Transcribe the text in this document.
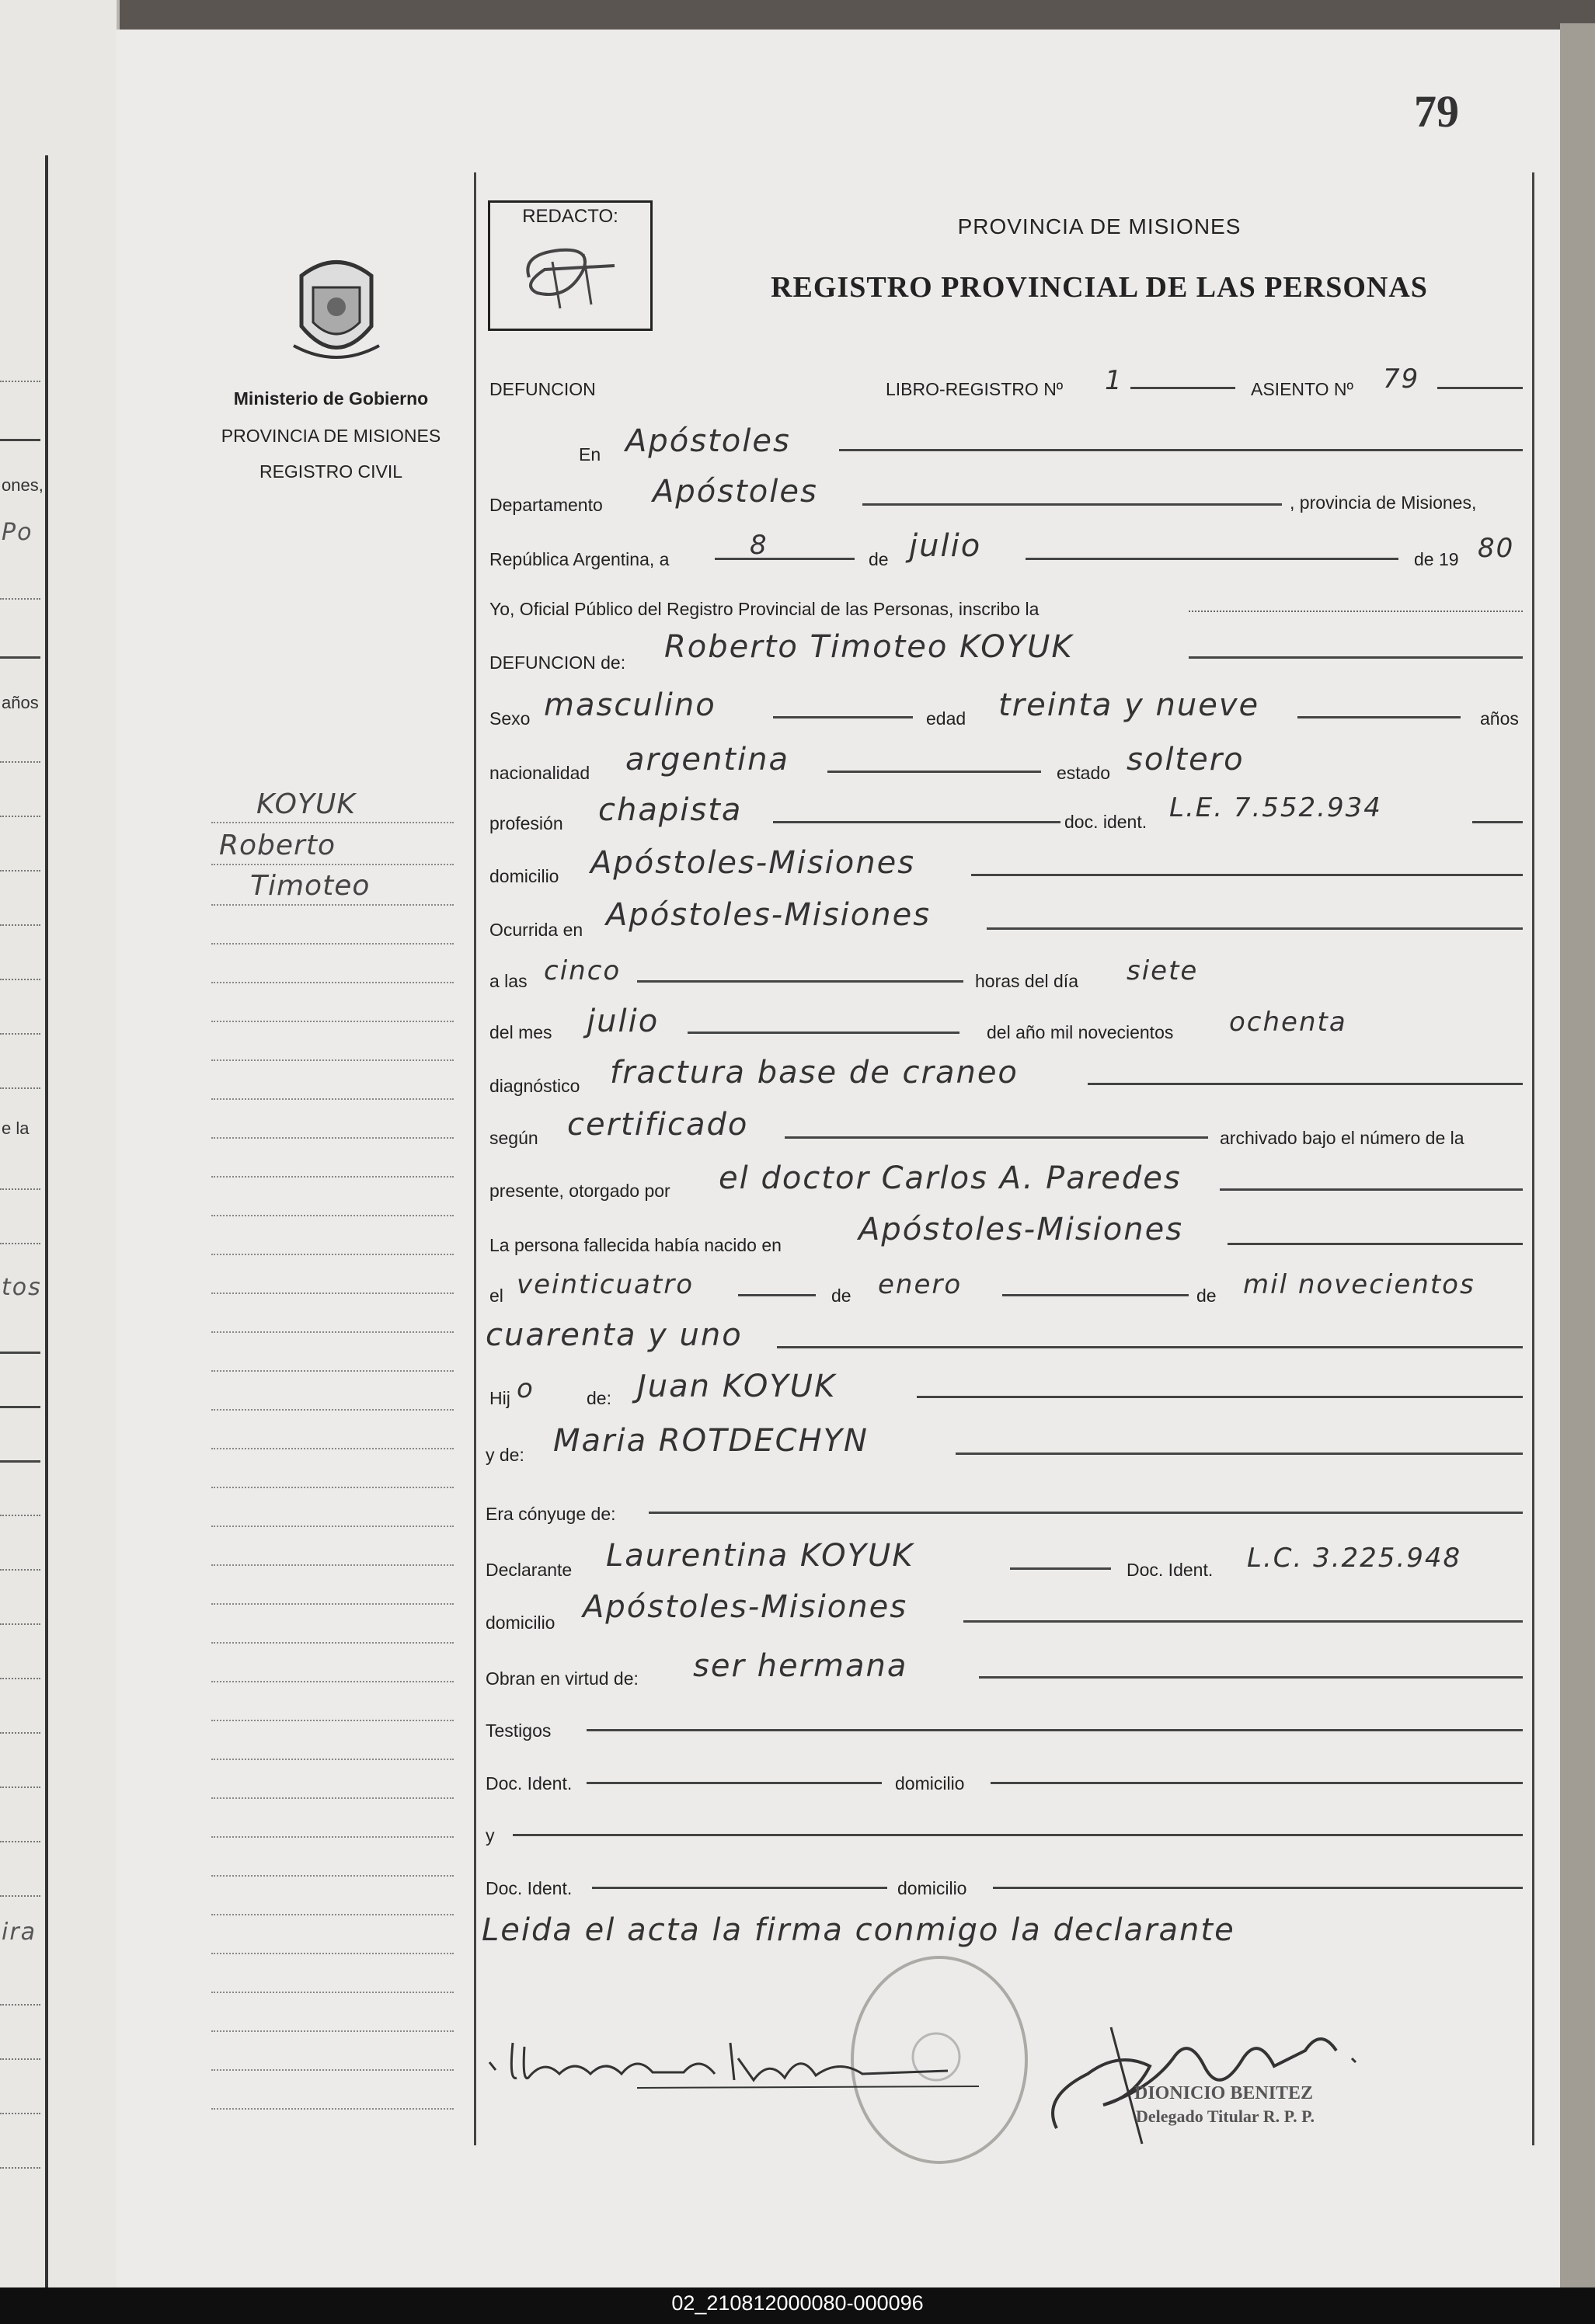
ones,
Po
años
e la
tos
ira
79
Ministerio de Gobierno
PROVINCIA DE MISIONES
REGISTRO CIVIL
KOYUK
Roberto
Timoteo
REDACTO:	PROVINCIA DE MISIONES
REGISTRO PROVINCIAL DE LAS PERSONAS
DEFUNCION	LIBRO-REGISTRO Nº 1	ASIENTO Nº 79
En Apóstoles
Departamento Apóstoles	, provincia de Misiones,
República Argentina, a	8	de julio	de 19 80
Yo, Oficial Público del Registro Provincial de las Personas, inscribo la
DEFUNCION de: Roberto Timoteo KOYUK
Sexo masculino	edad treinta y nueve	años
nacionalidad argentina	estado soltero
profesión chapista	doc. ident. L.E. 7.552.934
domicilio Apóstoles-Misiones
Ocurrida en Apóstoles-Misiones
a las cinco	horas del día siete
del mes julio	del año mil novecientos ochenta
diagnóstico fractura base de craneo
según certificado	archivado bajo el número de la
presente, otorgado por el doctor Carlos A. Paredes
La persona fallecida había nacido en Apóstoles-Misiones
el veinticuatro	de enero	de mil novecientos
cuarenta y uno
Hij o	de: Juan KOYUK
y de: Maria ROTDECHYN
Era cónyuge de:
Declarante Laurentina KOYUK	Doc. Ident. L.C. 3.225.948
domicilio Apóstoles-Misiones
Obran en virtud de: ser hermana
Testigos
Doc. Ident.	domicilio
y
Doc. Ident.	domicilio
Leida el acta la firma conmigo la declarante
DIONICIO BENITEZ
Delegado Titular R. P. P.
02_210812000080-000096
